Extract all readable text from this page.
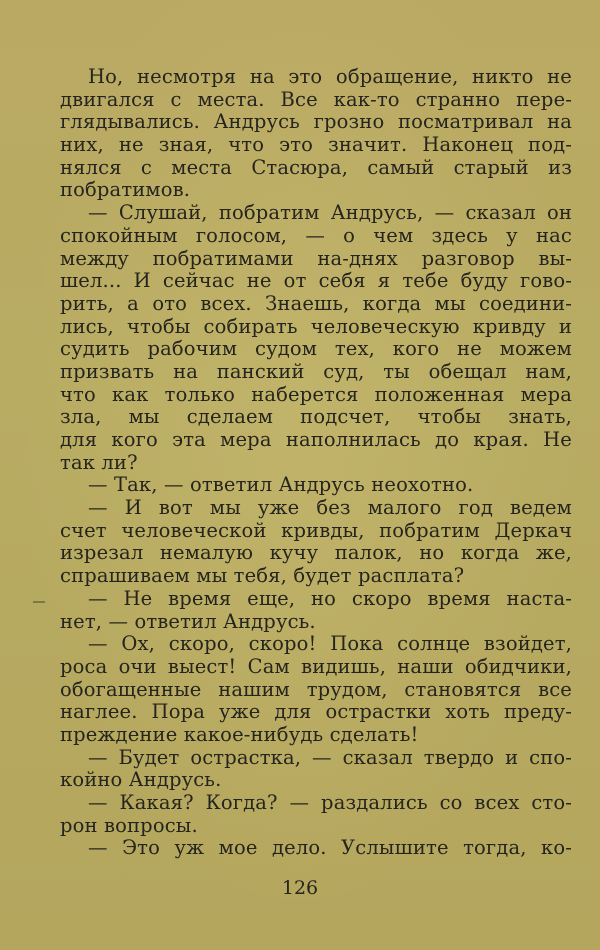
Но, несмотря на это обращение, никто не
двигался с места. Все как-то странно пере-
глядывались. Андрусь грозно посматривал на
них, не зная, что это значит. Наконец под-
нялся с места Стасюра, самый старый из
побратимов.
— Слушай, побратим Андрусь, — сказал он
спокойным голосом, — о чем здесь у нас
между побратимами на-днях разговор вы-
шел... И сейчас не от себя я тебе буду гово-
рить, а ото всех. Знаешь, когда мы соедини-
лись, чтобы собирать человеческую кривду и
судить рабочим судом тех, кого не можем
призвать на панский суд, ты обещал нам,
что как только наберется положенная мера
зла, мы сделаем подсчет, чтобы знать,
для кого эта мера наполнилась до края. Не
так ли?
— Так, — ответил Андрусь неохотно.
— И вот мы уже без малого год ведем
счет человеческой кривды, побратим Деркач
изрезал немалую кучу палок, но когда же,
спрашиваем мы тебя, будет расплата?
— Не время еще, но скоро время наста-
нет, — ответил Андрусь.
— Ох, скоро, скоро! Пока солнце взойдет,
роса очи выест! Сам видишь, наши обидчики,
обогащенные нашим трудом, становятся все
наглее. Пора уже для острастки хоть преду-
преждение какое-нибудь сделать!
— Будет острастка, — сказал твердо и спо-
койно Андрусь.
— Какая? Когда? — раздались со всех сто-
рон вопросы.
— Это уж мое дело. Услышите тогда, ко-
126
